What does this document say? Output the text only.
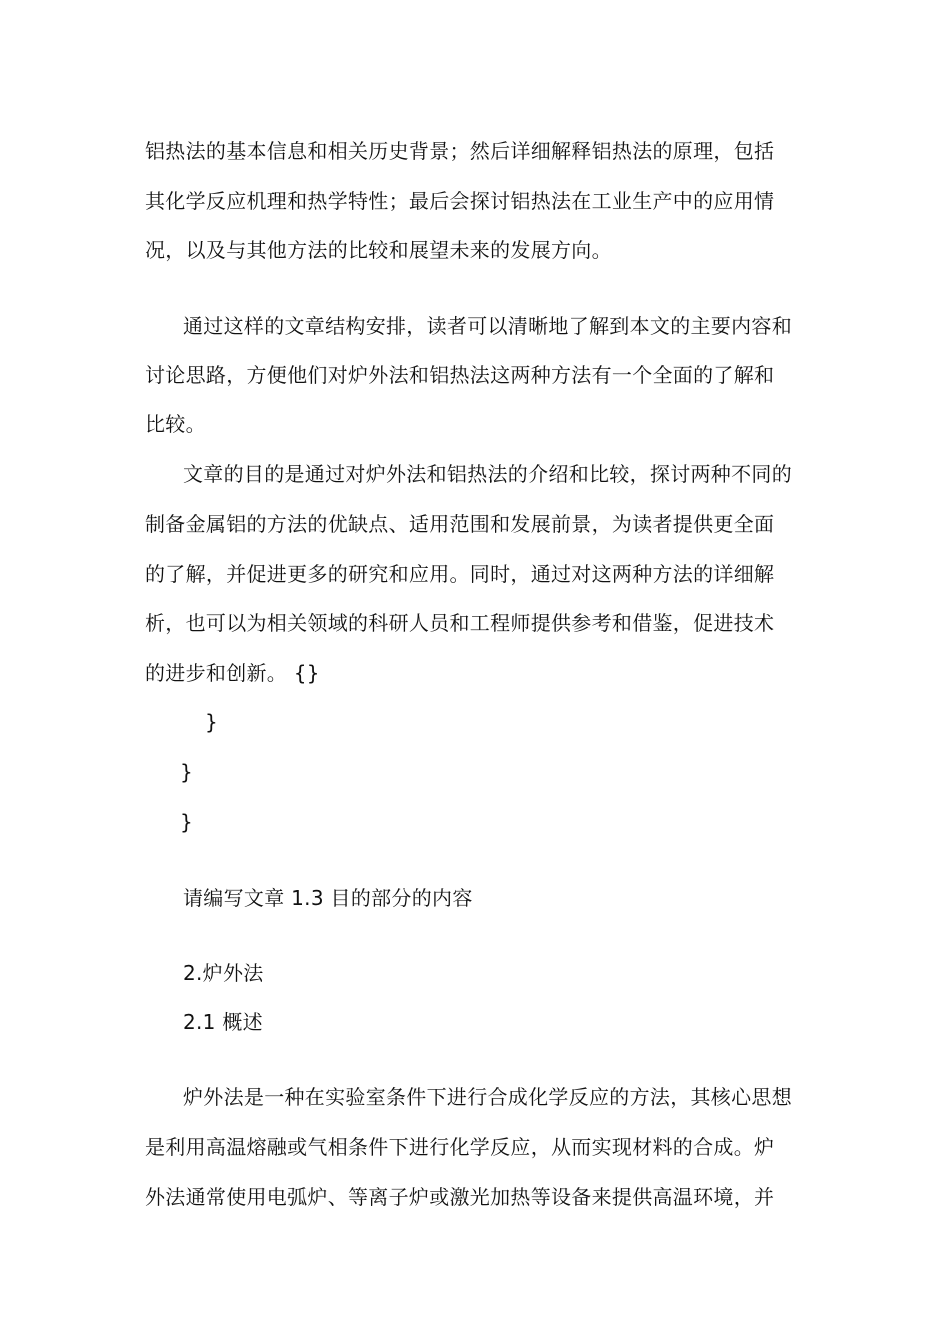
铝热法的基本信息和相关历史背景；然后详细解释铝热法的原理，包括
其化学反应机理和热学特性；最后会探讨铝热法在工业生产中的应用情
况，以及与其他方法的比较和展望未来的发展方向。
通过这样的文章结构安排，读者可以清晰地了解到本文的主要内容和
讨论思路，方便他们对炉外法和铝热法这两种方法有一个全面的了解和
比较。
文章的目的是通过对炉外法和铝热法的介绍和比较，探讨两种不同的
制备金属铝的方法的优缺点、适用范围和发展前景，为读者提供更全面
的了解，并促进更多的研究和应用。同时，通过对这两种方法的详细解
析，也可以为相关领域的科研人员和工程师提供参考和借鉴，促进技术
的进步和创新。 {}
}
}
}
请编写文章 1.3 目的部分的内容
2.炉外法
2.1 概述
炉外法是一种在实验室条件下进行合成化学反应的方法，其核心思想
是利用高温熔融或气相条件下进行化学反应，从而实现材料的合成。炉
外法通常使用电弧炉、等离子炉或激光加热等设备来提供高温环境，并
